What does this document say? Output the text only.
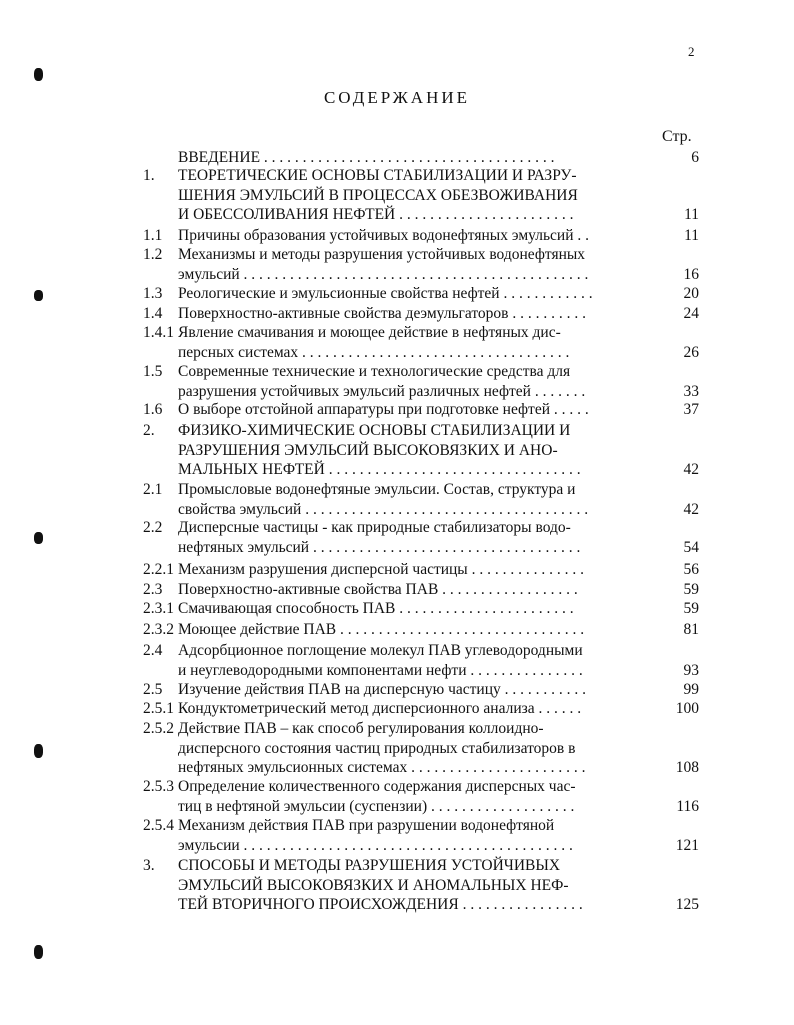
2
СОДЕРЖАНИЕ
Стр.
ВВЕДЕНИЕ . . . . . . . . . . . . . . . . . . . . . . . . . . . . . . . . . . . . . .	6
1. ТЕОРЕТИЧЕСКИЕ ОСНОВЫ СТАБИЛИЗАЦИИ И РАЗРУ-
ШЕНИЯ ЭМУЛЬСИЙ В ПРОЦЕССАХ ОБЕЗВОЖИВАНИЯ
И ОБЕССОЛИВАНИЯ НЕФТЕЙ . . . . . . . . . . . . . . . . . . . . . . .	11
1.1 Причины образования устойчивых водонефтяных эмульсий . .	11
1.2 Механизмы и методы разрушения устойчивых водонефтяных
эмульсий . . . . . . . . . . . . . . . . . . . . . . . . . . . . . . . . . . . . . . . . . . . . .	16
1.3 Реологические и эмульсионные свойства нефтей . . . . . . . . . . . .	20
1.4 Поверхностно-активные свойства деэмульгаторов . . . . . . . . . .	24
1.4.1 Явление смачивания и моющее действие в нефтяных дис-
персных системах . . . . . . . . . . . . . . . . . . . . . . . . . . . . . . . . . . .	26
1.5 Современные технические и технологические средства для
разрушения устойчивых эмульсий различных нефтей . . . . . . .	33
1.6 О выборе отстойной аппаратуры при подготовке нефтей . . . . .	37
2. ФИЗИКО-ХИМИЧЕСКИЕ ОСНОВЫ СТАБИЛИЗАЦИИ И
РАЗРУШЕНИЯ ЭМУЛЬСИЙ ВЫСОКОВЯЗКИХ И АНО-
МАЛЬНЫХ НЕФТЕЙ . . . . . . . . . . . . . . . . . . . . . . . . . . . . . . . . .	42
2.1 Промысловые водонефтяные эмульсии. Состав, структура и
свойства эмульсий . . . . . . . . . . . . . . . . . . . . . . . . . . . . . . . . . . . . .	42
2.2 Дисперсные частицы - как природные стабилизаторы водо-
нефтяных эмульсий . . . . . . . . . . . . . . . . . . . . . . . . . . . . . . . . . . .	54
2.2.1 Механизм разрушения дисперсной частицы . . . . . . . . . . . . . . .	56
2.3 Поверхностно-активные свойства ПАВ . . . . . . . . . . . . . . . . . .	59
2.3.1 Смачивающая способность ПАВ . . . . . . . . . . . . . . . . . . . . . . .	59
2.3.2 Моющее действие ПАВ . . . . . . . . . . . . . . . . . . . . . . . . . . . . . . . .	81
2.4 Адсорбционное поглощение молекул ПАВ углеводородными
и неуглеводородными компонентами нефти . . . . . . . . . . . . . . .	93
2.5 Изучение действия ПАВ на дисперсную частицу . . . . . . . . . . .	99
2.5.1 Кондуктометрический метод дисперсионного анализа . . . . . .	100
2.5.2 Действие ПАВ – как способ регулирования коллоидно-
дисперсного состояния частиц природных стабилизаторов в
нефтяных эмульсионных системах . . . . . . . . . . . . . . . . . . . . . . .	108
2.5.3 Определение количественного содержания дисперсных час-
тиц в нефтяной эмульсии (суспензии) . . . . . . . . . . . . . . . . . . .	116
2.5.4 Механизм действия ПАВ при разрушении водонефтяной
эмульсии . . . . . . . . . . . . . . . . . . . . . . . . . . . . . . . . . . . . . . . . . . .	121
3. СПОСОБЫ И МЕТОДЫ РАЗРУШЕНИЯ УСТОЙЧИВЫХ
ЭМУЛЬСИЙ ВЫСОКОВЯЗКИХ И АНОМАЛЬНЫХ НЕФ-
ТЕЙ ВТОРИЧНОГО ПРОИСХОЖДЕНИЯ . . . . . . . . . . . . . . . .	125
